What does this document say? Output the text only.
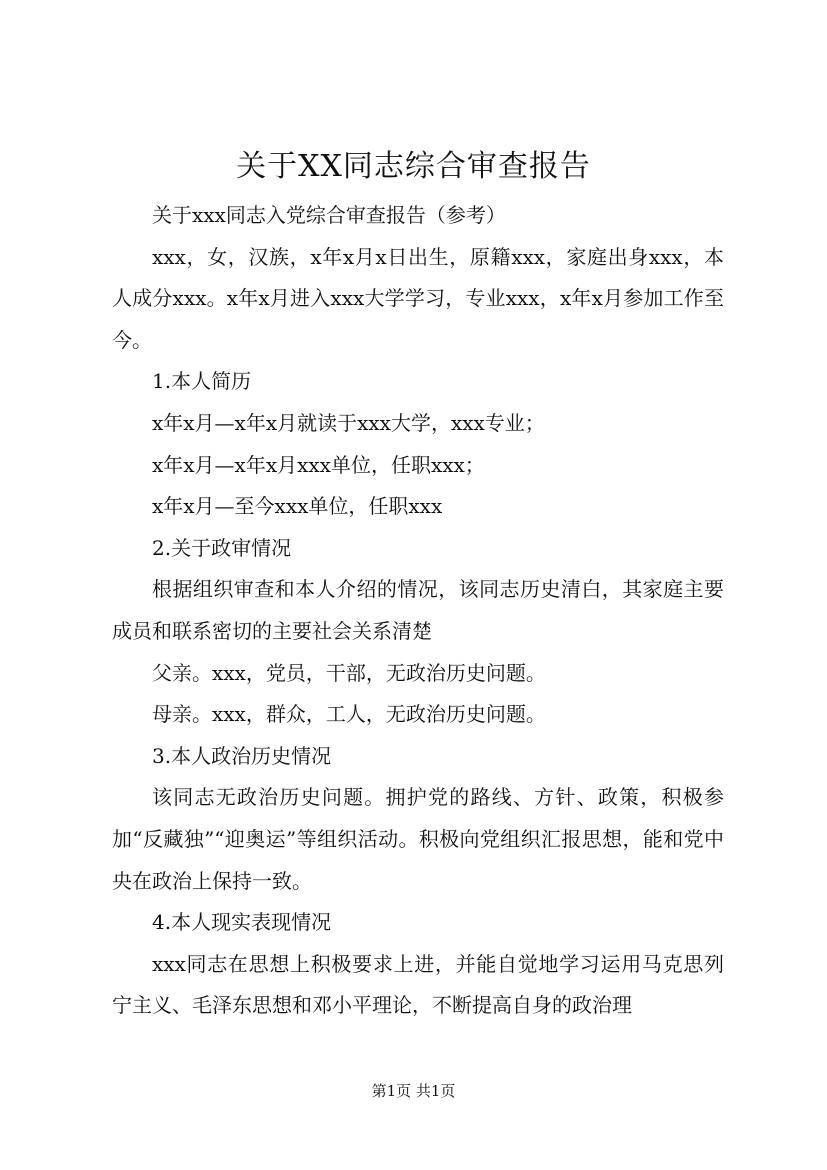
关于XX同志综合审查报告

关于xxx同志入党综合审查报告（参考）

xxx，女，汉族，x年x月x日出生，原籍xxx，家庭出身xxx，本人成分xxx。x年x月进入xxx大学学习，专业xxx，x年x月参加工作至今。

1.本人简历

x年x月—x年x月就读于xxx大学，xxx专业；

x年x月—x年x月xxx单位，任职xxx；

x年x月—至今xxx单位，任职xxx

2.关于政审情况

根据组织审查和本人介绍的情况，该同志历史清白，其家庭主要成员和联系密切的主要社会关系清楚

父亲。xxx，党员，干部，无政治历史问题。

母亲。xxx，群众，工人，无政治历史问题。

3.本人政治历史情况

该同志无政治历史问题。拥护党的路线、方针、政策，积极参加“反藏独”“迎奥运”等组织活动。积极向党组织汇报思想，能和党中央在政治上保持一致。

4.本人现实表现情况

xxx同志在思想上积极要求上进，并能自觉地学习运用马克思列宁主义、毛泽东思想和邓小平理论，不断提高自身的政治理

第1页 共1页
